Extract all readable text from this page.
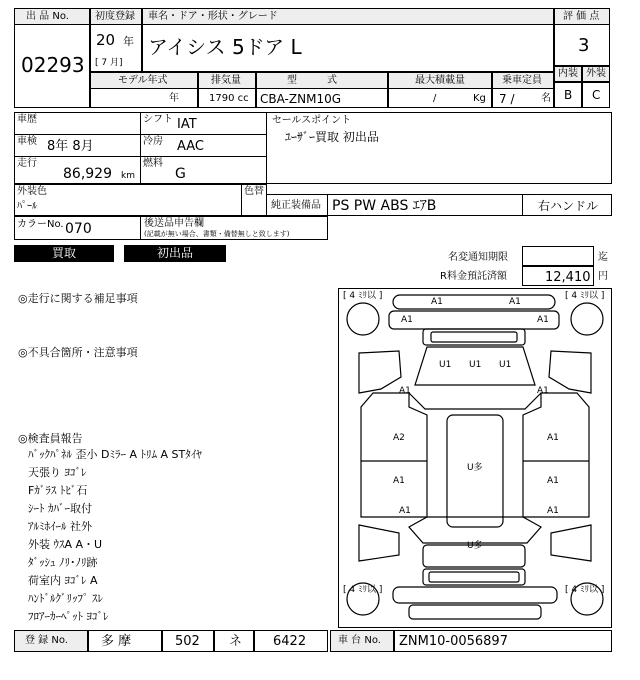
出 品 No.
02293
初度登録
20 年
[ 7 月]
車名・ドア・形状・グレード
アイシス 5ドア L
評 価 点
3
内装 外装
B C
モデル年式
年
排気量
1790 cc
型　　　式
CBA-ZNM10G
最大積載量
/	Kg
乗車定員
7 /	名
車歴
車検 8年 8月
走行
86,929 km
シフト IAT
冷房 AAC
燃料
G
セールスポイント
ﾕｰｻﾞｰ買取 初出品
外装色
ﾊﾟｰﾙ
色替
純正装備品 PS PW ABS ｴｱB	右ハンドル
カラーNo. 070	後送品申告欄
(記載が無い場合、書類・備替無しと致します)
買取	初出品	名変通知期限	迄
R料金預託済額	12,410 円
◎走行に関する補足事項
◎不具合箇所・注意事項
◎検査員報告
ﾊﾞｯｸﾊﾟﾈﾙ 歪小 Dﾐﾗｰ A ﾄﾘﾑ A STﾀｲﾔ
天張り ﾖｺﾞﾚ
Fｶﾞﾗｽ ﾄﾋﾞ石
ｼｰﾄ ｶﾊﾞｰ取付
ｱﾙﾐﾎｲｰﾙ 社外
外装 ｳｽA A・U
ﾀﾞｯｼｭ ﾉﾘ･ﾉﾘ跡
荷室内 ﾖｺﾞﾚ A
ﾊﾝﾄﾞﾙｸﾞﾘｯﾌﾟ ｽﾚ
ﾌﾛｱｰｶｰﾍﾟｯﾄ ﾖｺﾞﾚ
[ 4 ﾐﾘ以 ]	[ 4 ﾐﾘ以 ]
[ 4 ﾐﾘ以 ]	[ 4 ﾐﾘ以 ]
A1	A1
A1	A1
U1 U1 U1
A1	A1
A2	A1
A1	A1
U多
A1	A1
U多
登 録 No.	多 摩	502 ネ 6422	車 台 No. ZNM10-0056897
